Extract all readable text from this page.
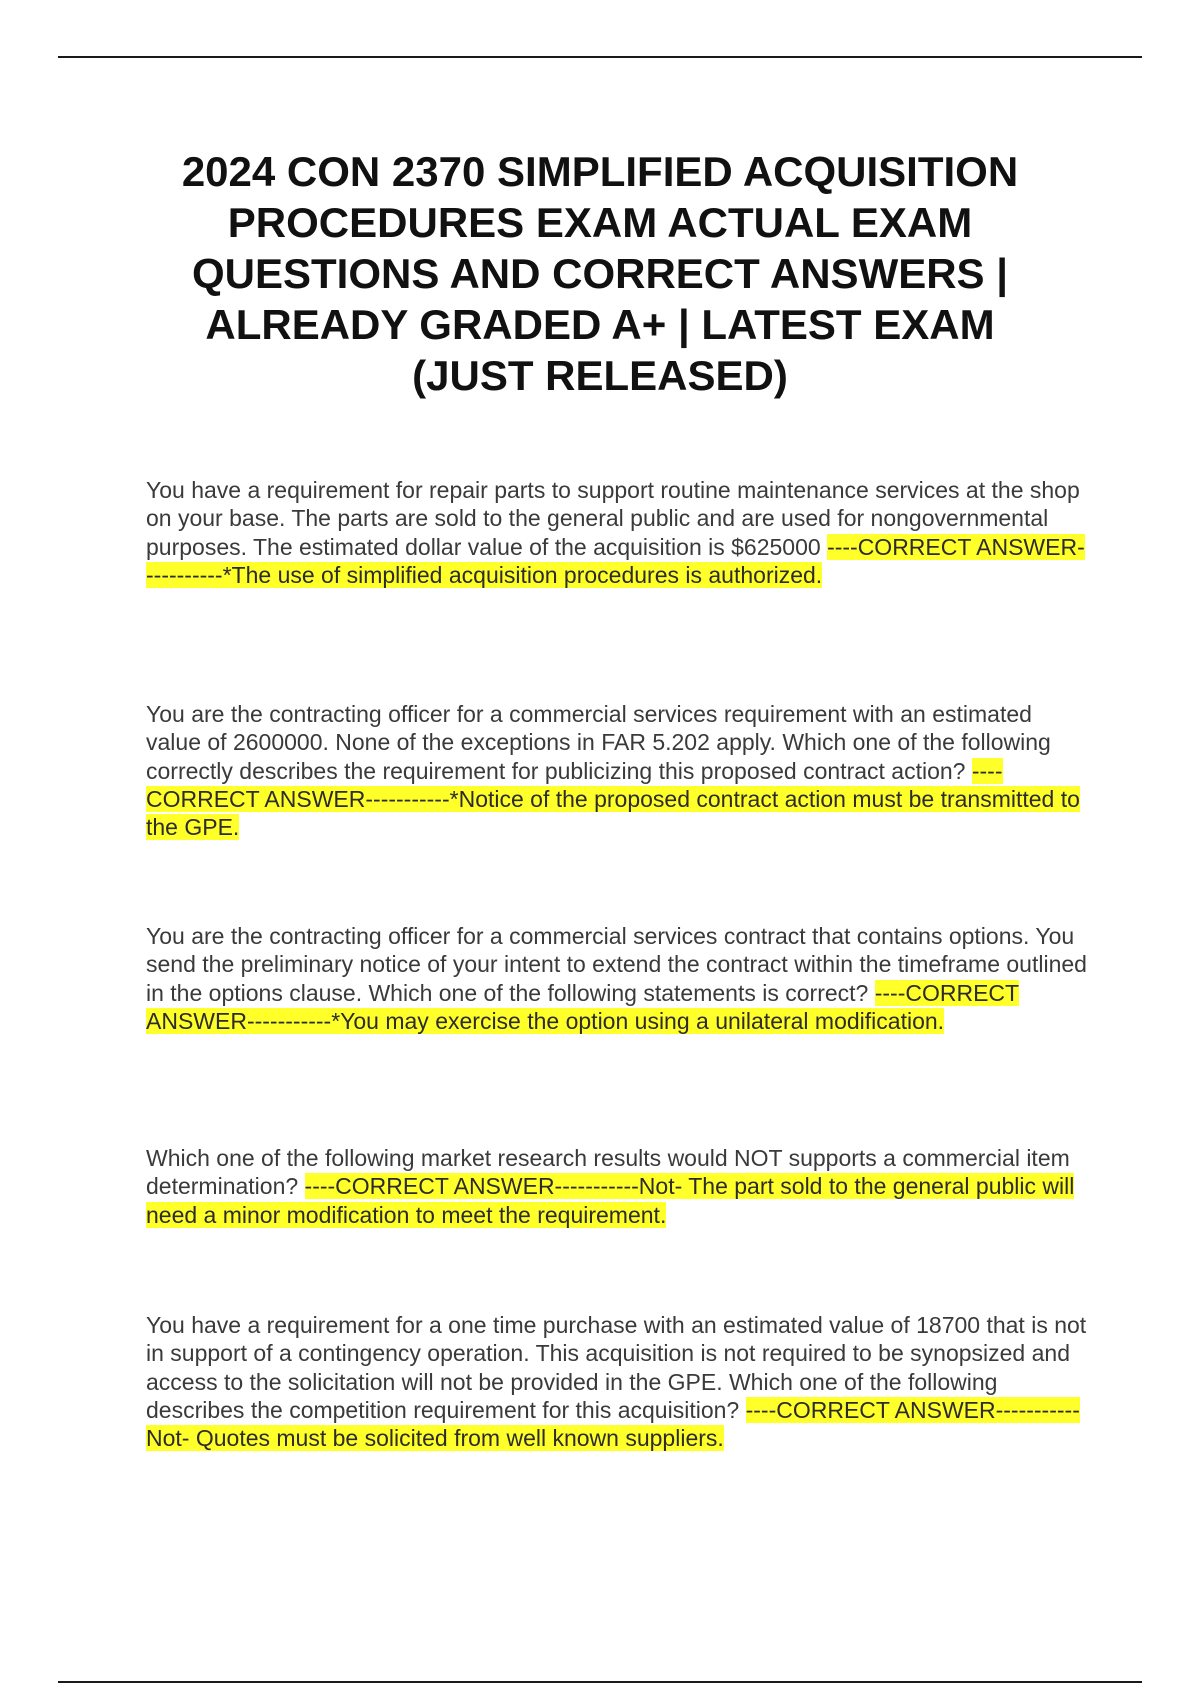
2024 CON 2370 SIMPLIFIED ACQUISITION PROCEDURES EXAM ACTUAL EXAM QUESTIONS AND CORRECT ANSWERS | ALREADY GRADED A+ | LATEST EXAM (JUST RELEASED)

You have a requirement for repair parts to support routine maintenance services at the shop on your base. The parts are sold to the general public and are used for nongovernmental purposes. The estimated dollar value of the acquisition is $625000 ----CORRECT ANSWER-----------*The use of simplified acquisition procedures is authorized.

You are the contracting officer for a commercial services requirement with an estimated value of 2600000. None of the exceptions in FAR 5.202 apply. Which one of the following correctly describes the requirement for publicizing this proposed contract action? ----CORRECT ANSWER-----------*Notice of the proposed contract action must be transmitted to the GPE.

You are the contracting officer for a commercial services contract that contains options. You send the preliminary notice of your intent to extend the contract within the timeframe outlined in the options clause. Which one of the following statements is correct? ----CORRECT ANSWER-----------*You may exercise the option using a unilateral modification.

Which one of the following market research results would NOT supports a commercial item determination? ----CORRECT ANSWER-----------Not- The part sold to the general public will need a minor modification to meet the requirement.

You have a requirement for a one time purchase with an estimated value of 18700 that is not in support of a contingency operation. This acquisition is not required to be synopsized and access to the solicitation will not be provided in the GPE. Which one of the following describes the competition requirement for this acquisition? ----CORRECT ANSWER-----------Not- Quotes must be solicited from well known suppliers.
